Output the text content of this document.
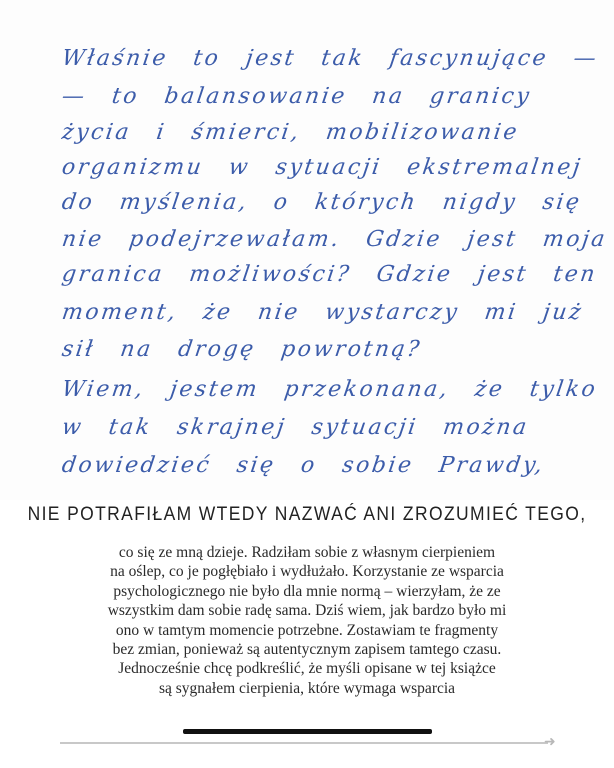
Właśnie to jest tak fascynujące —
— to balansowanie na granicy
życia i śmierci, mobilizowanie
organizmu w sytuacji ekstremalnej
do myślenia, o których nigdy się
nie podejrzewałam. Gdzie jest moja
granica możliwości? Gdzie jest ten
moment, że nie wystarczy mi już
sił na drogę powrotną?
Wiem, jestem przekonana, że tylko
w tak skrajnej sytuacji można
dowiedzieć się o sobie Prawdy,
NIE POTRAFIŁAM WTEDY NAZWAĆ ANI ZROZUMIEĆ TEGO,

co się ze mną dzieje. Radziłam sobie z własnym cierpieniem

na oślep, co je pogłębiało i wydłużało. Korzystanie ze wsparcia

psychologicznego nie było dla mnie normą – wierzyłam, że ze

wszystkim dam sobie radę sama. Dziś wiem, jak bardzo było mi

ono w tamtym momencie potrzebne. Zostawiam te fragmenty

bez zmian, ponieważ są autentycznym zapisem tamtego czasu.

Jednocześnie chcę podkreślić, że myśli opisane w tej książce

są sygnałem cierpienia, które wymaga wsparcia

➜
